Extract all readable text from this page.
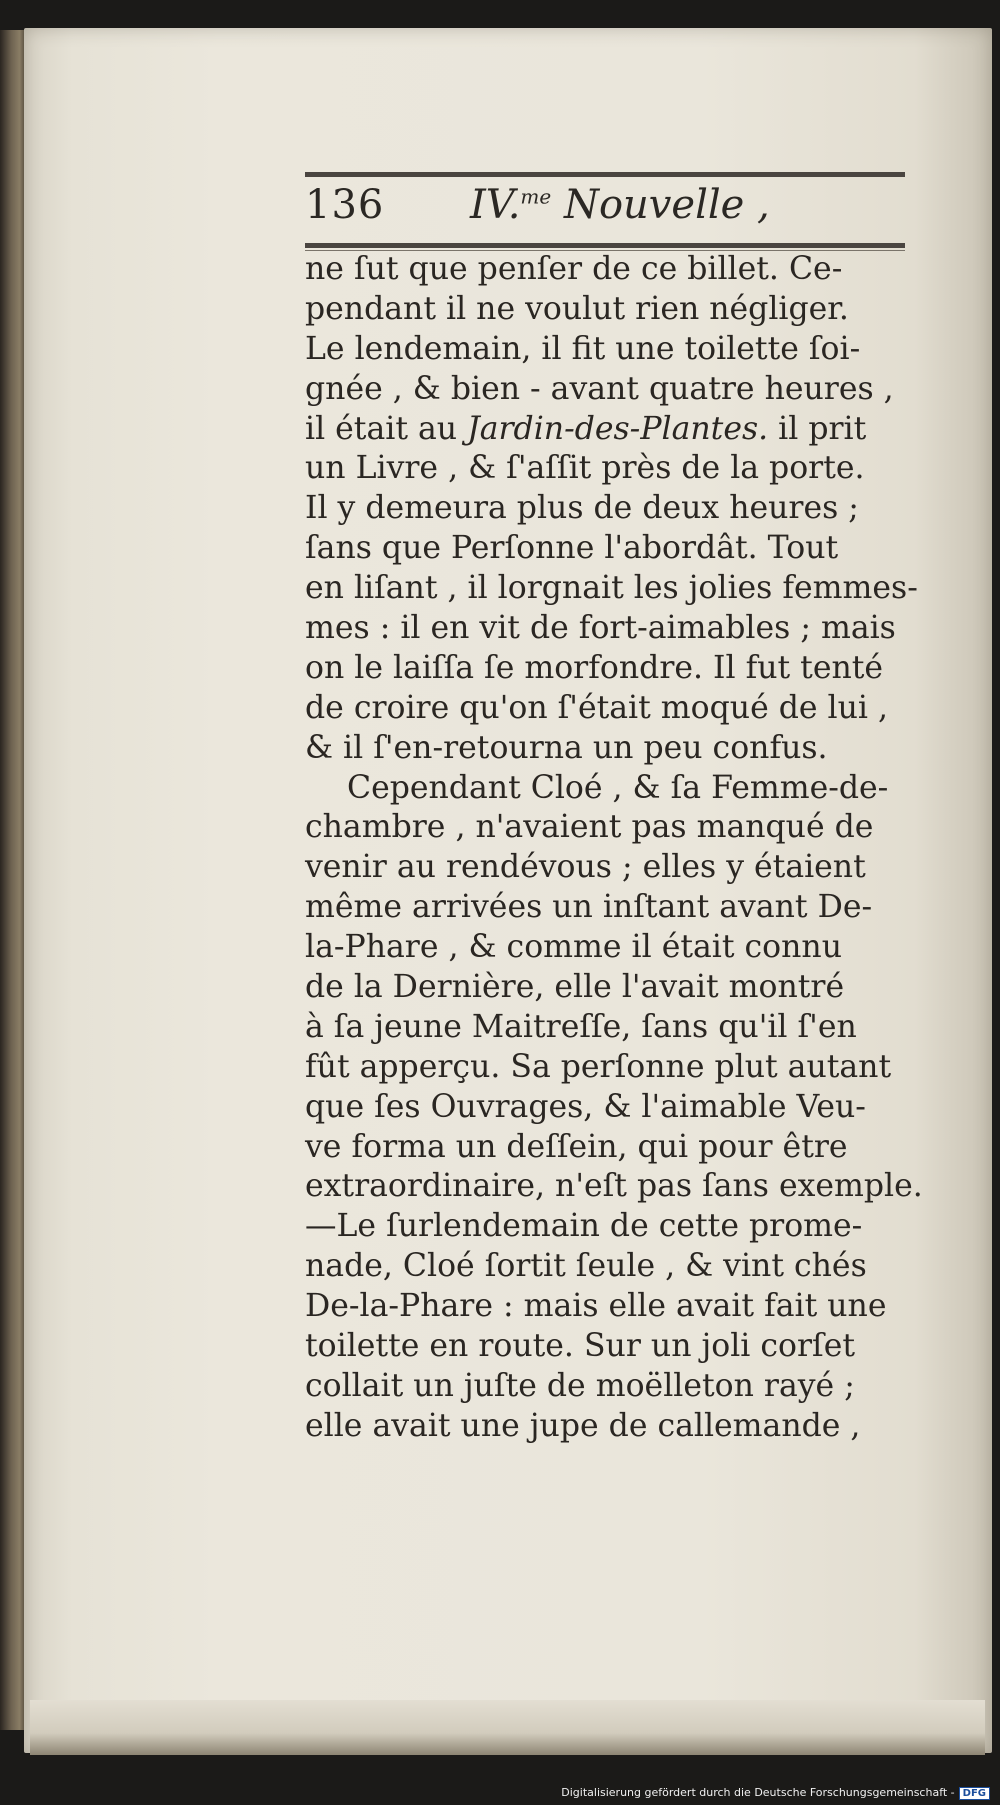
136 IV.$^{me}$ Nouvelle ,
ne ſut que penſer de ce billet. Ce-
pendant il ne voulut rien négliger.
Le lendemain, il fit une toilette ſoi-
gnée , & bien - avant quatre heures ,
il était au Jardin-des-Plantes. il prit
un Livre , & ſ'aſſit près de la porte.
Il y demeura plus de deux heures ;
ſans que Perſonne l'abordât. Tout
en liſant , il lorgnait les jolies femmes-
mes : il en vit de fort-aimables ; mais
on le laiſſa ſe morfondre. Il fut tenté
de croire qu'on ſ'était moqué de lui ,
& il ſ'en-retourna un peu confus.
Cependant Cloé , & ſa Femme-de-
chambre , n'avaient pas manqué de
venir au rendévous ; elles y étaient
même arrivées un inſtant avant De-
la-Phare , & comme il était connu
de la Dernière, elle l'avait montré
à ſa jeune Maitreſſe, ſans qu'il ſ'en
fût apperçu. Sa perſonne plut autant
que ſes Ouvrages, & l'aimable Veu-
ve forma un deſſein, qui pour être
extraordinaire, n'eſt pas ſans exemple.
—Le ſurlendemain de cette prome-
nade, Cloé ſortit ſeule , & vint chés
De-la-Phare : mais elle avait fait une
toilette en route. Sur un joli corſet
collait un juſte de moëlleton rayé ;
elle avait une jupe de callemande ,
Digitalisierung gefördert durch die Deutsche Forschungsgemeinschaft - DFG
